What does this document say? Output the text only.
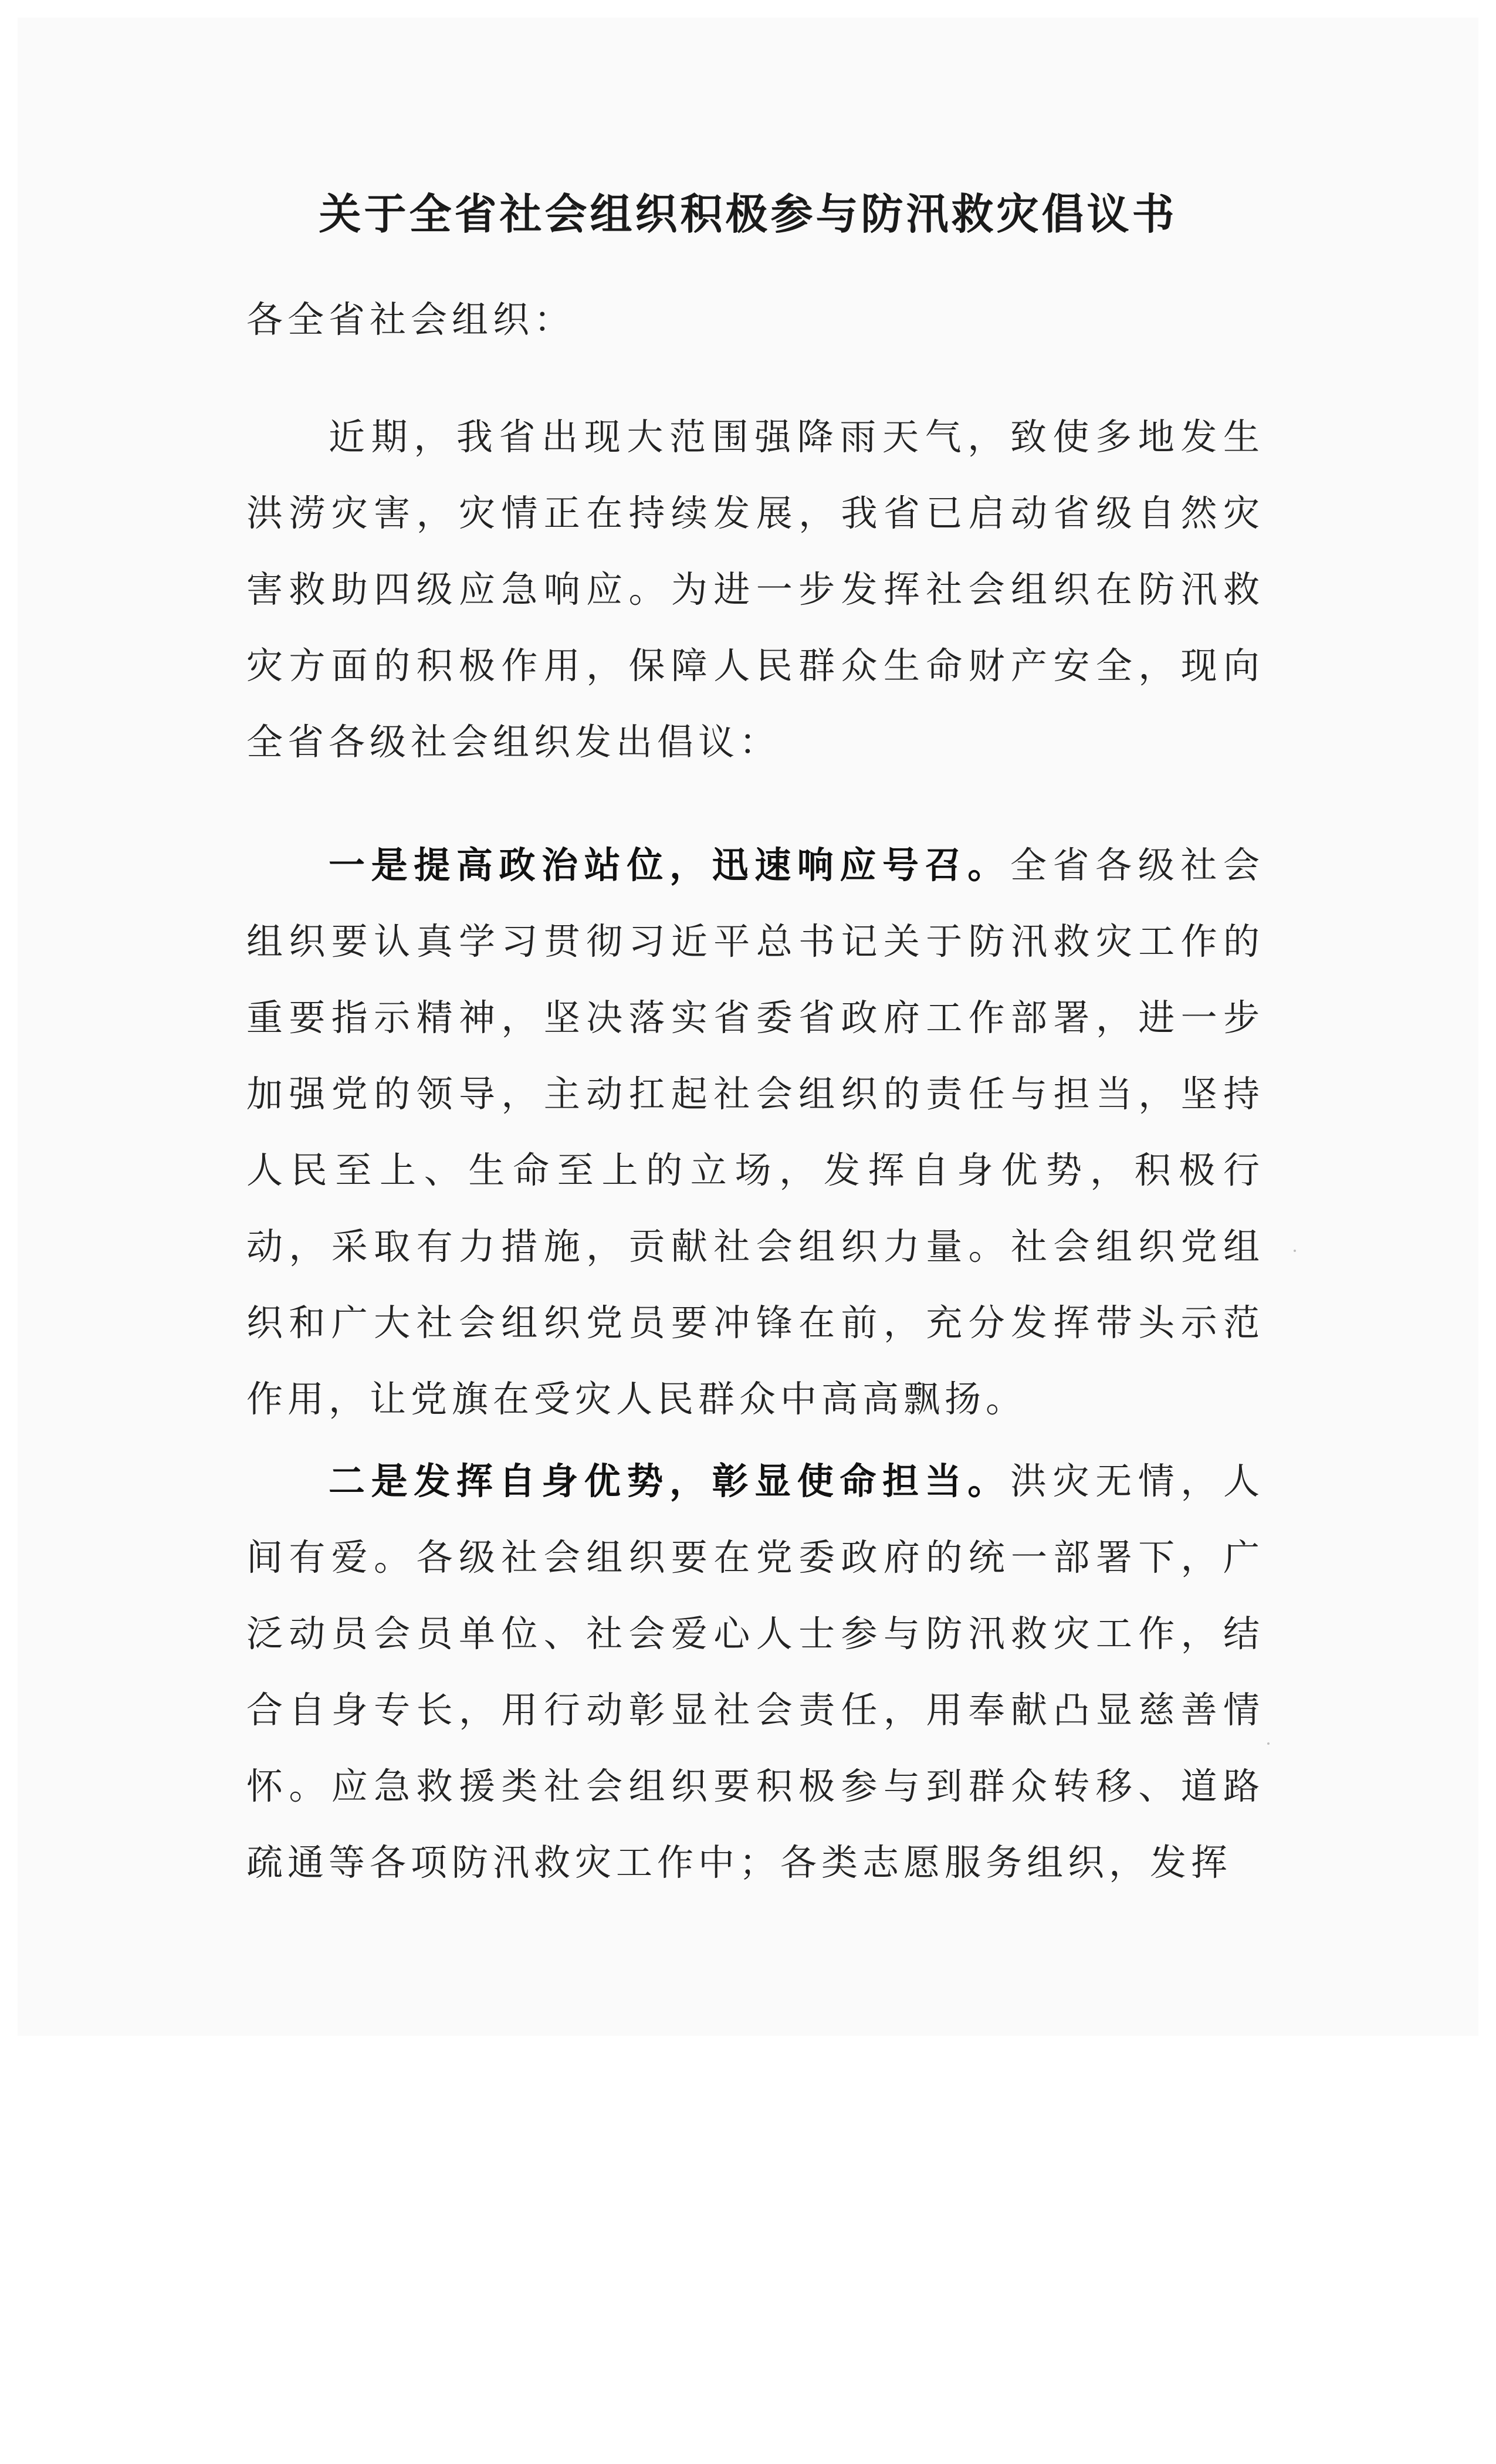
关于全省社会组织积极参与防汛救灾倡议书

各全省社会组织：

近期，我省出现大范围强降雨天气，致使多地发生洪涝灾害，灾情正在持续发展，我省已启动省级自然灾害救助四级应急响应。为进一步发挥社会组织在防汛救灾方面的积极作用，保障人民群众生命财产安全，现向全省各级社会组织发出倡议：

一是提高政治站位，迅速响应号召。全省各级社会组织要认真学习贯彻习近平总书记关于防汛救灾工作的重要指示精神，坚决落实省委省政府工作部署，进一步加强党的领导，主动扛起社会组织的责任与担当，坚持人民至上、生命至上的立场，发挥自身优势，积极行动，采取有力措施，贡献社会组织力量。社会组织党组织和广大社会组织党员要冲锋在前，充分发挥带头示范作用，让党旗在受灾人民群众中高高飘扬。

二是发挥自身优势，彰显使命担当。洪灾无情，人间有爱。各级社会组织要在党委政府的统一部署下，广泛动员会员单位、社会爱心人士参与防汛救灾工作，结合自身专长，用行动彰显社会责任，用奉献凸显慈善情怀。应急救援类社会组织要积极参与到群众转移、道路疏通等各项防汛救灾工作中；各类志愿服务组织，发挥
